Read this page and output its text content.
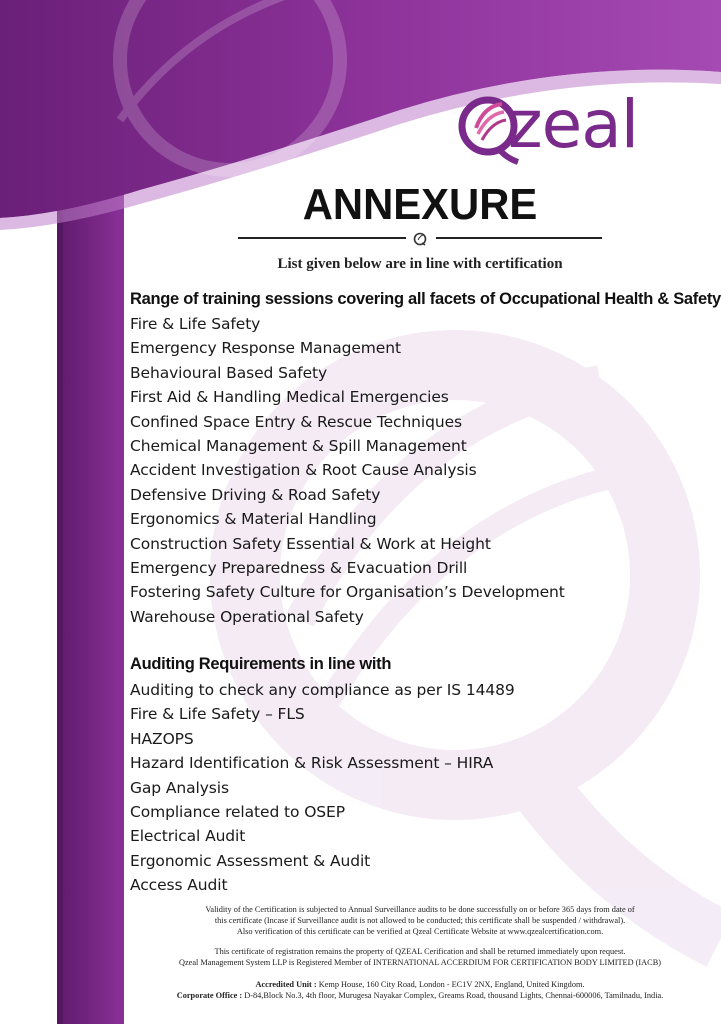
zeal
ANNEXURE
List given below are in line with certification
Range of training sessions covering all facets of Occupational Health & Safety
Fire & Life Safety
Emergency Response Management
Behavioural Based Safety
First Aid & Handling Medical Emergencies
Confined Space Entry & Rescue Techniques
Chemical Management & Spill Management
Accident Investigation & Root Cause Analysis
Defensive Driving & Road Safety
Ergonomics & Material Handling
Construction Safety Essential & Work at Height
Emergency Preparedness & Evacuation Drill
Fostering Safety Culture for Organisation’s Development
Warehouse Operational Safety
Auditing Requirements in line with
Auditing to check any compliance as per IS 14489
Fire & Life Safety – FLS
HAZOPS
Hazard Identification & Risk Assessment – HIRA
Gap Analysis
Compliance related to OSEP
Electrical Audit
Ergonomic Assessment & Audit
Access Audit
Validity of the Certification is subjected to Annual Surveillance audits to be done successfully on or before 365 days from date of
this certificate (Incase if Surveillance audit is not allowed to be conducted; this certificate shall be suspended / withdrawal).
Also verification of this certificate can be verified at Qzeal Certificate Website at www.qzealcertification.com.
This certificate of registration remains the property of QZEAL Cerification and shall be returned immediately upon request.
Qzeal Management System LLP is Registered Member of INTERNATIONAL ACCERDIUM FOR CERTIFICATION BODY LIMITED (IACB)
Accredited Unit : Kemp House, 160 City Road, London - EC1V 2NX, England, United Kingdom.
Corporate Office : D-84,Block No.3, 4th floor, Murugesa Nayakar Complex, Greams Road, thousand Lights, Chennai-600006, Tamilnadu, India.
